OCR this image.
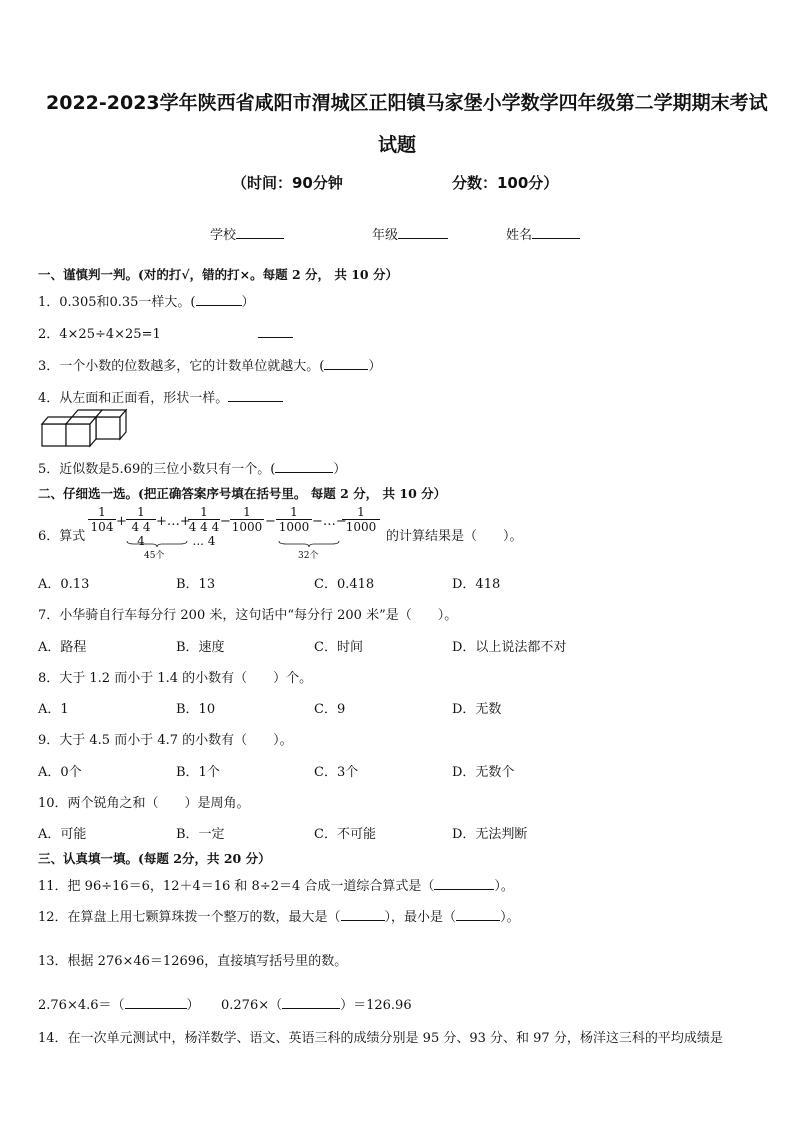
2022-2023学年陕西省咸阳市渭城区正阳镇马家堡小学数学四年级第二学期期末考试
试题
（时间：90分钟	分数：100分）
学校	年级	姓名
一、谨慎判一判。(对的打√，错的打×。每题 2 分， 共 10 分）
1．0.305和0.35一样大。(	）
2．4×25÷4×25=1
3．一个小数的位数越多，它的计数单位就越大。(	）
4．从左面和正面看，形状一样。
5．近似数是5.69的三位小数只有一个。(	）
二、仔细选一选。(把正确答案序号填在括号里。 每题 2 分， 共 10 分）
6．算式
$\frac{1}{104} + \frac{1}{4 4 4}$ +…+
$\frac{1}{4 4 4 ... 4} - \frac{1}{1000} - \frac{1}{1000}$ −…−
$\frac{1}{1000}$
的计算结果是（　　）。
45个	32个
A．0.13	B．13	C．0.418	D．418
7．小华骑自行车每分行 200 米，这句话中“每分行 200 米”是（　　）。
A．路程	B．速度	C．时间	D．以上说法都不对
8．大于 1.2 而小于 1.4 的小数有（　　）个。
A．1	B．10	C．9	D．无数
9．大于 4.5 而小于 4.7 的小数有（　　）。
A．0个	B．1个	C．3个	D．无数个
10．两个锐角之和（　　）是周角。
A．可能	B．一定	C．不可能	D．无法判断
三、认真填一填。(每题 2分，共 20 分）
11．把 96÷16＝6，12＋4＝16 和 8÷2＝4 合成一道综合算式是（	）。
12．在算盘上用七颗算珠拨一个整万的数，最大是（	），最小是（	）。
13．根据 276×46＝12696，直接填写括号里的数。
2.76×4.6＝（	） 0.276×（	）＝126.96
14．在一次单元测试中，杨洋数学、语文、英语三科的成绩分别是 95 分、93 分、和 97 分，杨洋这三科的平均成绩是
